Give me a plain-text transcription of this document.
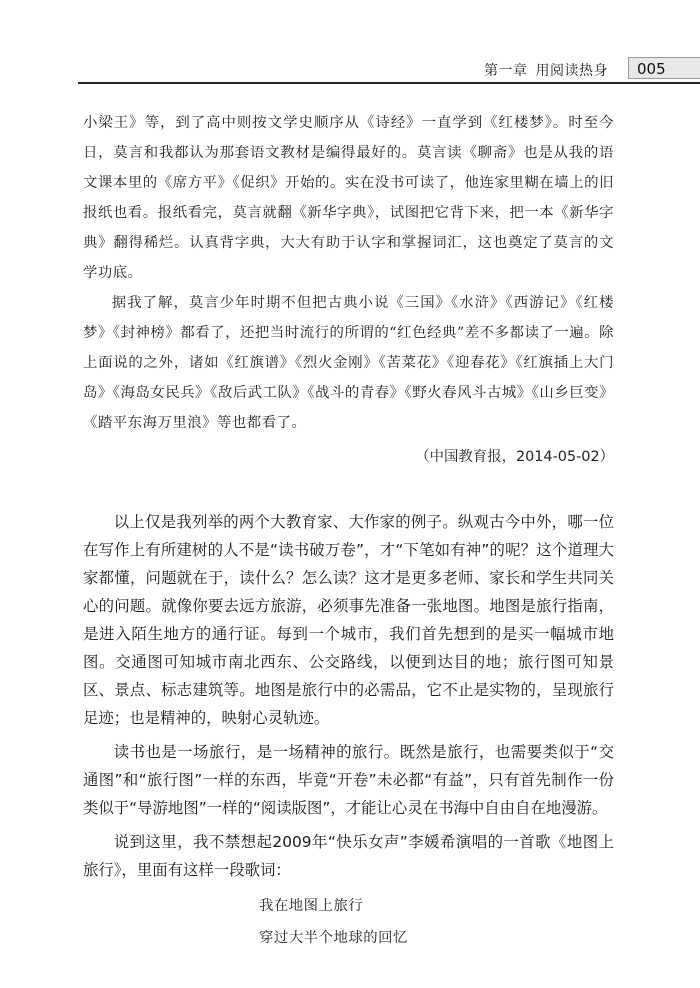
第一章 用阅读热身	005

小梁王》等，到了高中则按文学史顺序从《诗经》一直学到《红楼梦》。时至今日，莫言和我都认为那套语文教材是编得最好的。莫言读《聊斋》也是从我的语文课本里的《席方平》《促织》开始的。实在没书可读了，他连家里糊在墙上的旧报纸也看。报纸看完，莫言就翻《新华字典》，试图把它背下来，把一本《新华字典》翻得稀烂。认真背字典，大大有助于认字和掌握词汇，这也奠定了莫言的文学功底。

据我了解，莫言少年时期不但把古典小说《三国》《水浒》《西游记》《红楼梦》《封神榜》都看了，还把当时流行的所谓的“红色经典”差不多都读了一遍。除上面说的之外，诸如《红旗谱》《烈火金刚》《苦菜花》《迎春花》《红旗插上大门岛》《海岛女民兵》《敌后武工队》《战斗的青春》《野火春风斗古城》《山乡巨变》《踏平东海万里浪》等也都看了。

（中国教育报，2014-05-02）

以上仅是我列举的两个大教育家、大作家的例子。纵观古今中外，哪一位在写作上有所建树的人不是“读书破万卷”，才“下笔如有神”的呢？这个道理大家都懂，问题就在于，读什么？怎么读？这才是更多老师、家长和学生共同关心的问题。就像你要去远方旅游，必须事先准备一张地图。地图是旅行指南，是进入陌生地方的通行证。每到一个城市，我们首先想到的是买一幅城市地图。交通图可知城市南北西东、公交路线，以便到达目的地；旅行图可知景区、景点、标志建筑等。地图是旅行中的必需品，它不止是实物的，呈现旅行足迹；也是精神的，映射心灵轨迹。

读书也是一场旅行，是一场精神的旅行。既然是旅行，也需要类似于“交通图”和“旅行图”一样的东西，毕竟“开卷”未必都“有益”，只有首先制作一份类似于“导游地图”一样的“阅读版图”，才能让心灵在书海中自由自在地漫游。

说到这里，我不禁想起2009年“快乐女声”李媛希演唱的一首歌《地图上旅行》，里面有这样一段歌词：

我在地图上旅行
穿过大半个地球的回忆
